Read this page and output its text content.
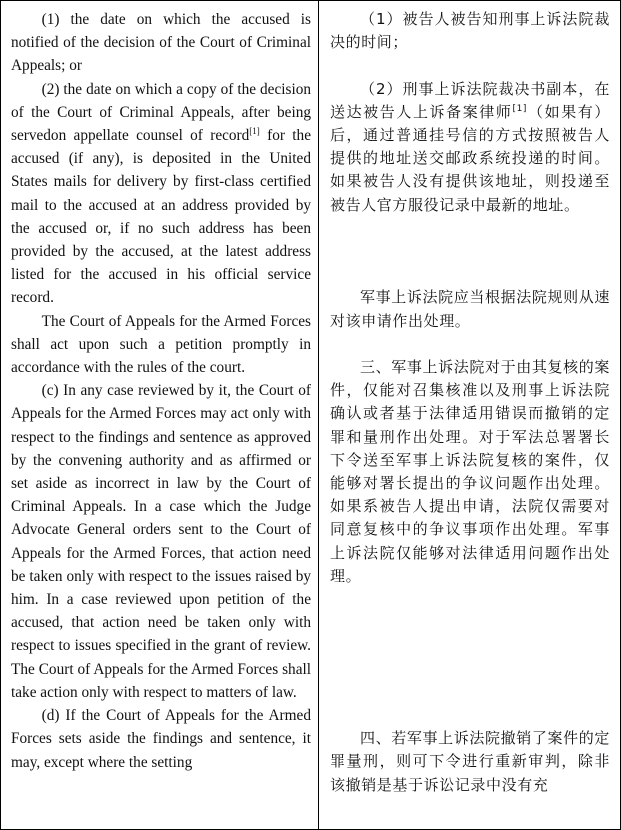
(1) the date on which the accused is notified of the decision of the Court of Criminal Appeals; or

(2) the date on which a copy of the decision of the Court of Criminal Appeals, after being servedon appellate counsel of record[1] for the accused (if any), is deposited in the United States mails for delivery by first-class certified mail to the accused at an address provided by the accused or, if no such address has been provided by the accused, at the latest address listed for the accused in his official service record.

The Court of Appeals for the Armed Forces shall act upon such a petition promptly in accordance with the rules of the court.

(c) In any case reviewed by it, the Court of Appeals for the Armed Forces may act only with respect to the findings and sentence as approved by the convening authority and as affirmed or set aside as incorrect in law by the Court of Criminal Appeals. In a case which the Judge Advocate General orders sent to the Court of Appeals for the Armed Forces, that action need be taken only with respect to the issues raised by him. In a case reviewed upon petition of the accused, that action need be taken only with respect to issues specified in the grant of review. The Court of Appeals for the Armed Forces shall take action only with respect to matters of law.

(d) If the Court of Appeals for the Armed Forces sets aside the findings and sentence, it may, except where the setting

（1）被告人被告知刑事上诉法院裁决的时间；

（2）刑事上诉法院裁决书副本，在送达被告人上诉备案律师[1]（如果有）后，通过普通挂号信的方式按照被告人提供的地址送交邮政系统投递的时间。如果被告人没有提供该地址，则投递至被告人官方服役记录中最新的地址。

军事上诉法院应当根据法院规则从速对该申请作出处理。

三、军事上诉法院对于由其复核的案件，仅能对召集核准以及刑事上诉法院确认或者基于法律适用错误而撤销的定罪和量刑作出处理。对于军法总署署长下令送至军事上诉法院复核的案件，仅能够对署长提出的争议问题作出处理。如果系被告人提出申请，法院仅需要对同意复核中的争议事项作出处理。军事上诉法院仅能够对法律适用问题作出处理。

四、若军事上诉法院撤销了案件的定罪量刑，则可下令进行重新审判，除非该撤销是基于诉讼记录中没有充
